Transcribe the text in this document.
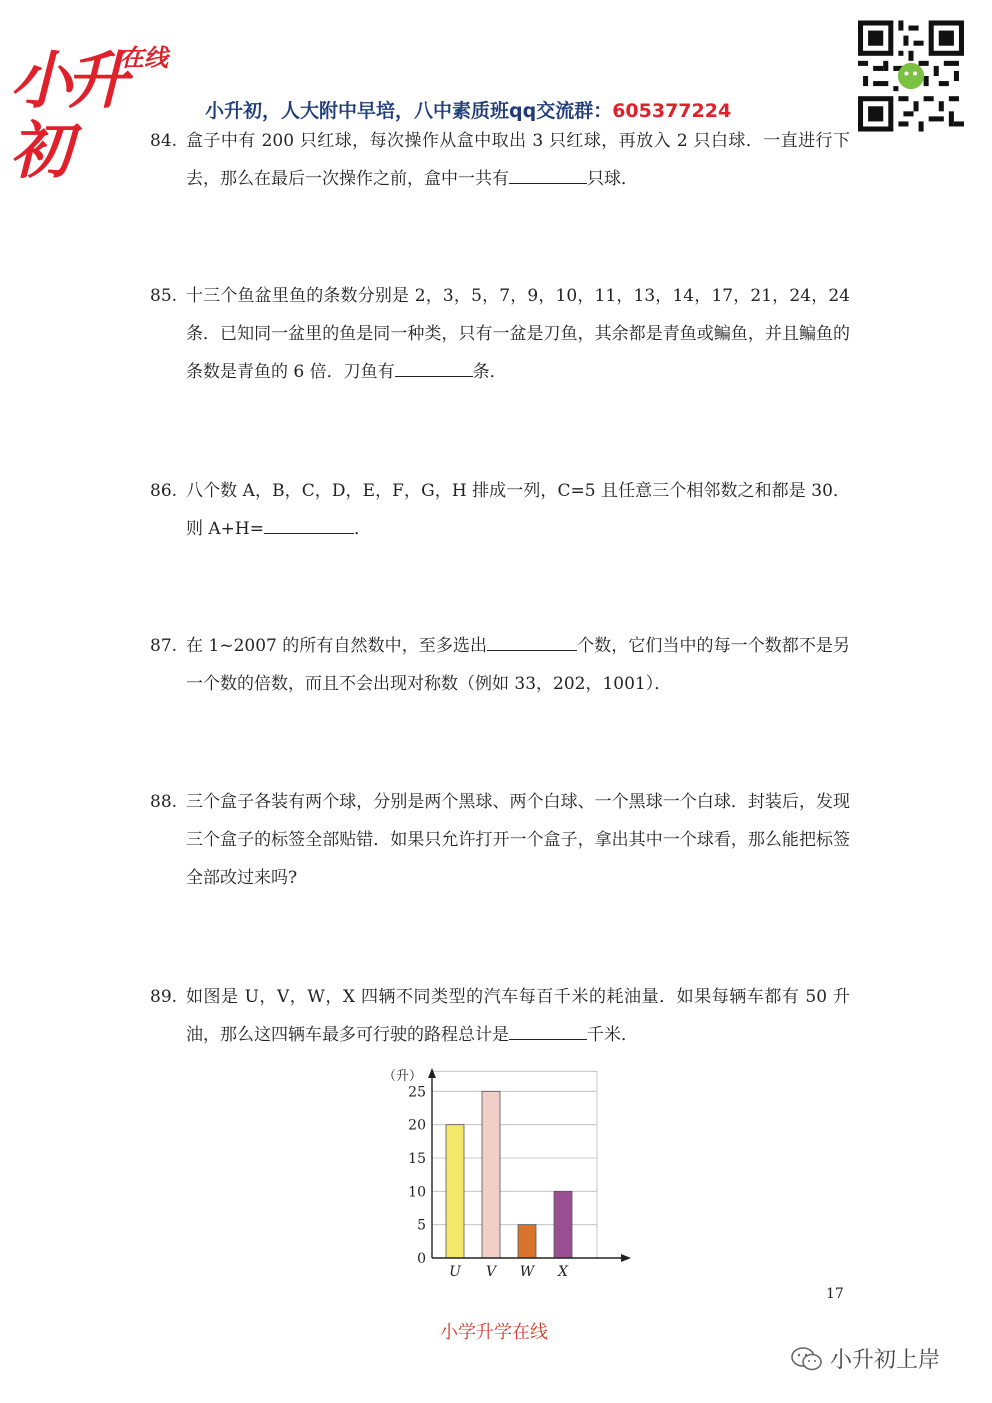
在线
小升初
小升初，人大附中早培，八中素质班qq交流群：605377224
84. 盒子中有 200 只红球，每次操作从盒中取出 3 只红球，再放入 2 只白球．一直进行下去，那么在最后一次操作之前，盒中一共有	只球．
85. 十三个鱼盆里鱼的条数分别是 2，3，5，7，9，10，11，13，14，17，21，24，24 条．已知同一盆里的鱼是同一种类，只有一盆是刀鱼，其余都是青鱼或鳊鱼，并且鳊鱼的条数是青鱼的 6 倍．刀鱼有	条．
86. 八个数 A，B，C，D，E，F，G，H 排成一列，C=5 且任意三个相邻数之和都是 30．则 A+H=	．
87. 在 1~2007 的所有自然数中，至多选出	个数，它们当中的每一个数都不是另一个数的倍数，而且不会出现对称数（例如 33，202，1001）．
88. 三个盒子各装有两个球，分别是两个黑球、两个白球、一个黑球一个白球．封装后，发现三个盒子的标签全部贴错．如果只允许打开一个盒子，拿出其中一个球看，那么能把标签全部改过来吗?
89. 如图是 U，V，W，X 四辆不同类型的汽车每百千米的耗油量．如果每辆车都有 50 升油，那么这四辆车最多可行驶的路程总计是	千米．
0
5
10
15
20
25
U V W X
（升）
17
小学升学在线
小升初上岸
